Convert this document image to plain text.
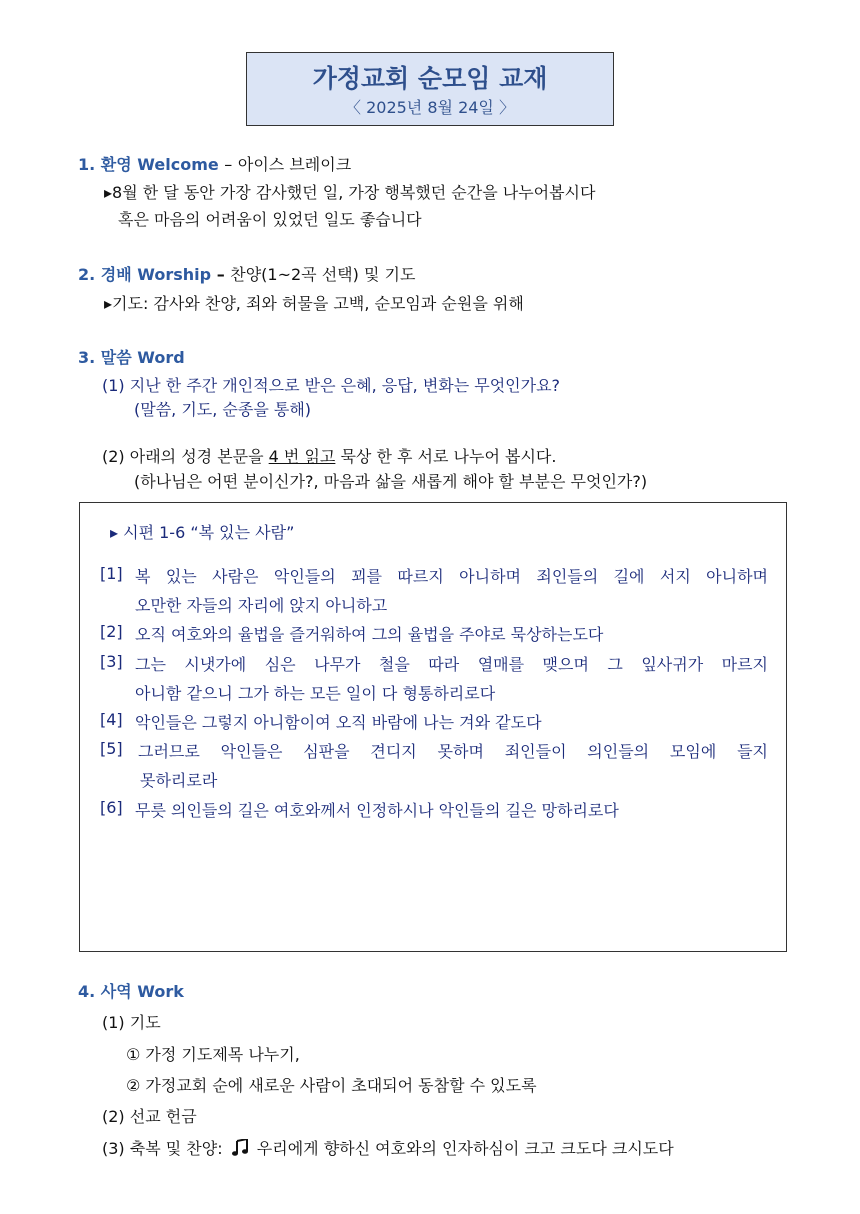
가정교회 순모임 교재
〈 2025년 8월 24일 〉
1. 환영 Welcome – 아이스 브레이크
▸8월 한 달 동안 가장 감사했던 일, 가장 행복했던 순간을 나누어봅시다
혹은 마음의 어려움이 있었던 일도 좋습니다
2. 경배 Worship – 찬양(1~2곡 선택) 및 기도
▸기도: 감사와 찬양, 죄와 허물을 고백, 순모임과 순원을 위해
3. 말씀 Word
(1) 지난 한 주간 개인적으로 받은 은혜, 응답, 변화는 무엇인가요?
(말씀, 기도, 순종을 통해)
(2) 아래의 성경 본문을 4 번 읽고 묵상 한 후 서로 나누어 봅시다.
(하나님은 어떤 분이신가?, 마음과 삶을 새롭게 해야 할 부분은 무엇인가?)
▸ 시편 1-6 “복 있는 사람”
[1] 복 있는 사람은 악인들의 꾀를 따르지 아니하며 죄인들의 길에 서지 아니하며
오만한 자들의 자리에 앉지 아니하고
[2] 오직 여호와의 율법을 즐거워하여 그의 율법을 주야로 묵상하는도다
[3] 그는 시냇가에 심은 나무가 철을 따라 열매를 맺으며 그 잎사귀가 마르지
아니함 같으니 그가 하는 모든 일이 다 형통하리로다
[4] 악인들은 그렇지 아니함이여 오직 바람에 나는 겨와 같도다
[5] 그러므로 악인들은 심판을 견디지 못하며 죄인들이 의인들의 모임에 들지
못하리로라
[6] 무릇 의인들의 길은 여호와께서 인정하시나 악인들의 길은 망하리로다
4. 사역 Work
(1) 기도
① 가정 기도제목 나누기,
② 가정교회 순에 새로운 사람이 초대되어 동참할 수 있도록
(2) 선교 헌금
(3) 축복 및 찬양: 우리에게 향하신 여호와의 인자하심이 크고 크도다 크시도다
